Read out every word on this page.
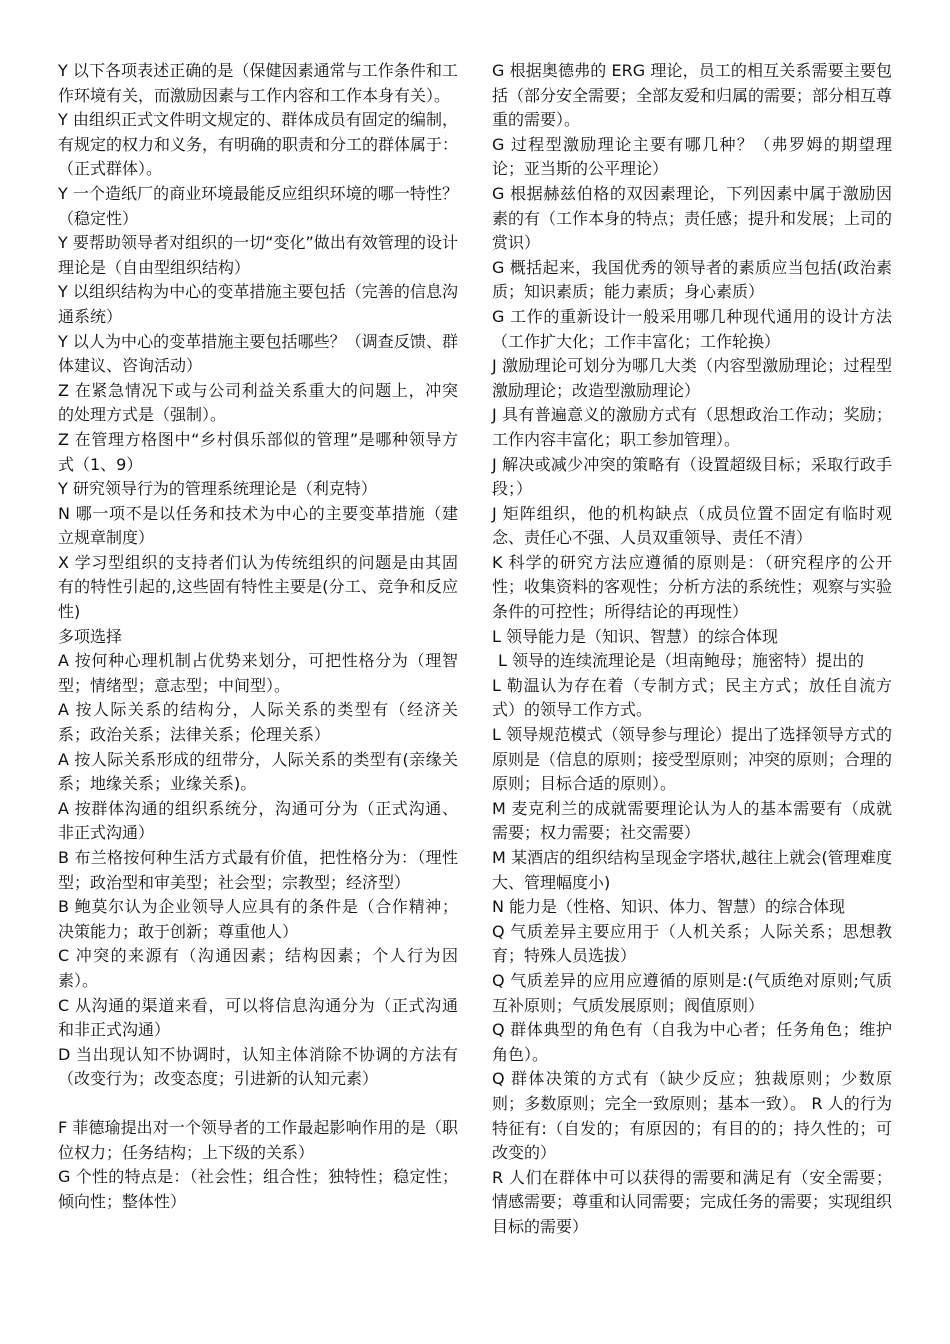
Y 以下各项表述正确的是（保健因素通常与工作条件和工作环境有关，而激励因素与工作内容和工作本身有关）。

Y 由组织正式文件明文规定的、群体成员有固定的编制，有规定的权力和义务，有明确的职责和分工的群体属于：（正式群体）。

Y 一个造纸厂的商业环境最能反应组织环境的哪一特性？（稳定性）

Y 要帮助领导者对组织的一切“变化”做出有效管理的设计理论是（自由型组织结构）

Y 以组织结构为中心的变革措施主要包括（完善的信息沟通系统）

Y 以人为中心的变革措施主要包括哪些？（调查反馈、群体建议、咨询活动）

Z 在紧急情况下或与公司利益关系重大的问题上，冲突的处理方式是（强制）。

Z 在管理方格图中“乡村俱乐部似的管理”是哪种领导方式（1、9）

Y 研究领导行为的管理系统理论是（利克特）

N 哪一项不是以任务和技术为中心的主要变革措施（建立规章制度）

X 学习型组织的支持者们认为传统组织的问题是由其固有的特性引起的,这些固有特性主要是(分工、竞争和反应性)

多项选择

A 按何种心理机制占优势来划分，可把性格分为（理智型；情绪型；意志型；中间型）。

A 按人际关系的结构分，人际关系的类型有（经济关系；政治关系；法律关系；伦理关系）

A 按人际关系形成的纽带分，人际关系的类型有(亲缘关系；地缘关系；业缘关系)。

A 按群体沟通的组织系统分，沟通可分为（正式沟通、非正式沟通）

B 布兰格按何种生活方式最有价值，把性格分为：（理性型；政治型和审美型；社会型；宗教型；经济型）

B 鲍莫尔认为企业领导人应具有的条件是（合作精神；决策能力；敢于创新；尊重他人）

C 冲突的来源有（沟通因素；结构因素；个人行为因素）。

C 从沟通的渠道来看，可以将信息沟通分为（正式沟通和非正式沟通）

D 当出现认知不协调时，认知主体消除不协调的方法有（改变行为；改变态度；引进新的认知元素）

F 菲德瑜提出对一个领导者的工作最起影响作用的是（职位权力；任务结构；上下级的关系）

G 个性的特点是：（社会性；组合性；独特性；稳定性；倾向性；整体性）

G 根据奥德弗的 ERG 理论，员工的相互关系需要主要包括（部分安全需要；全部友爱和归属的需要；部分相互尊重的需要）。

G 过程型激励理论主要有哪几种？（弗罗姆的期望理论；亚当斯的公平理论）

G 根据赫兹伯格的双因素理论，下列因素中属于激励因素的有（工作本身的特点；责任感；提升和发展；上司的赏识）

G 概括起来，我国优秀的领导者的素质应当包括(政治素质；知识素质；能力素质；身心素质）

G 工作的重新设计一般采用哪几种现代通用的设计方法（工作扩大化；工作丰富化；工作轮换）

J 激励理论可划分为哪几大类（内容型激励理论；过程型激励理论；改造型激励理论）

J 具有普遍意义的激励方式有（思想政治工作动；奖励；工作内容丰富化；职工参加管理）。

J 解决或减少冲突的策略有（设置超级目标；采取行政手段；）

J 矩阵组织，他的机构缺点（成员位置不固定有临时观念、责任心不强、人员双重领导、责任不清）

K 科学的研究方法应遵循的原则是：（研究程序的公开性；收集资料的客观性；分析方法的系统性；观察与实验条件的可控性；所得结论的再现性）

L 领导能力是（知识、智慧）的综合体现

L 领导的连续流理论是（坦南鲍母；施密特）提出的

L 勒温认为存在着（专制方式；民主方式；放任自流方式）的领导工作方式。

L 领导规范模式（领导参与理论）提出了选择领导方式的原则是（信息的原则；接受型原则；冲突的原则；合理的原则；目标合适的原则）。

M 麦克利兰的成就需要理论认为人的基本需要有（成就需要；权力需要；社交需要）

M 某酒店的组织结构呈现金字塔状,越往上就会(管理难度大、管理幅度小)

N 能力是（性格、知识、体力、智慧）的综合体现

Q 气质差异主要应用于（人机关系；人际关系；思想教育；特殊人员选拔）

Q 气质差异的应用应遵循的原则是:(气质绝对原则;气质互补原则；气质发展原则；阀值原则）

Q 群体典型的角色有（自我为中心者；任务角色；维护角色）。

Q 群体决策的方式有（缺少反应；独裁原则；少数原则；多数原则；完全一致原则；基本一致）。 R 人的行为特征有:（自发的；有原因的；有目的的；持久性的；可改变的）

R 人们在群体中可以获得的需要和满足有（安全需要；情感需要；尊重和认同需要；完成任务的需要；实现组织目标的需要）
